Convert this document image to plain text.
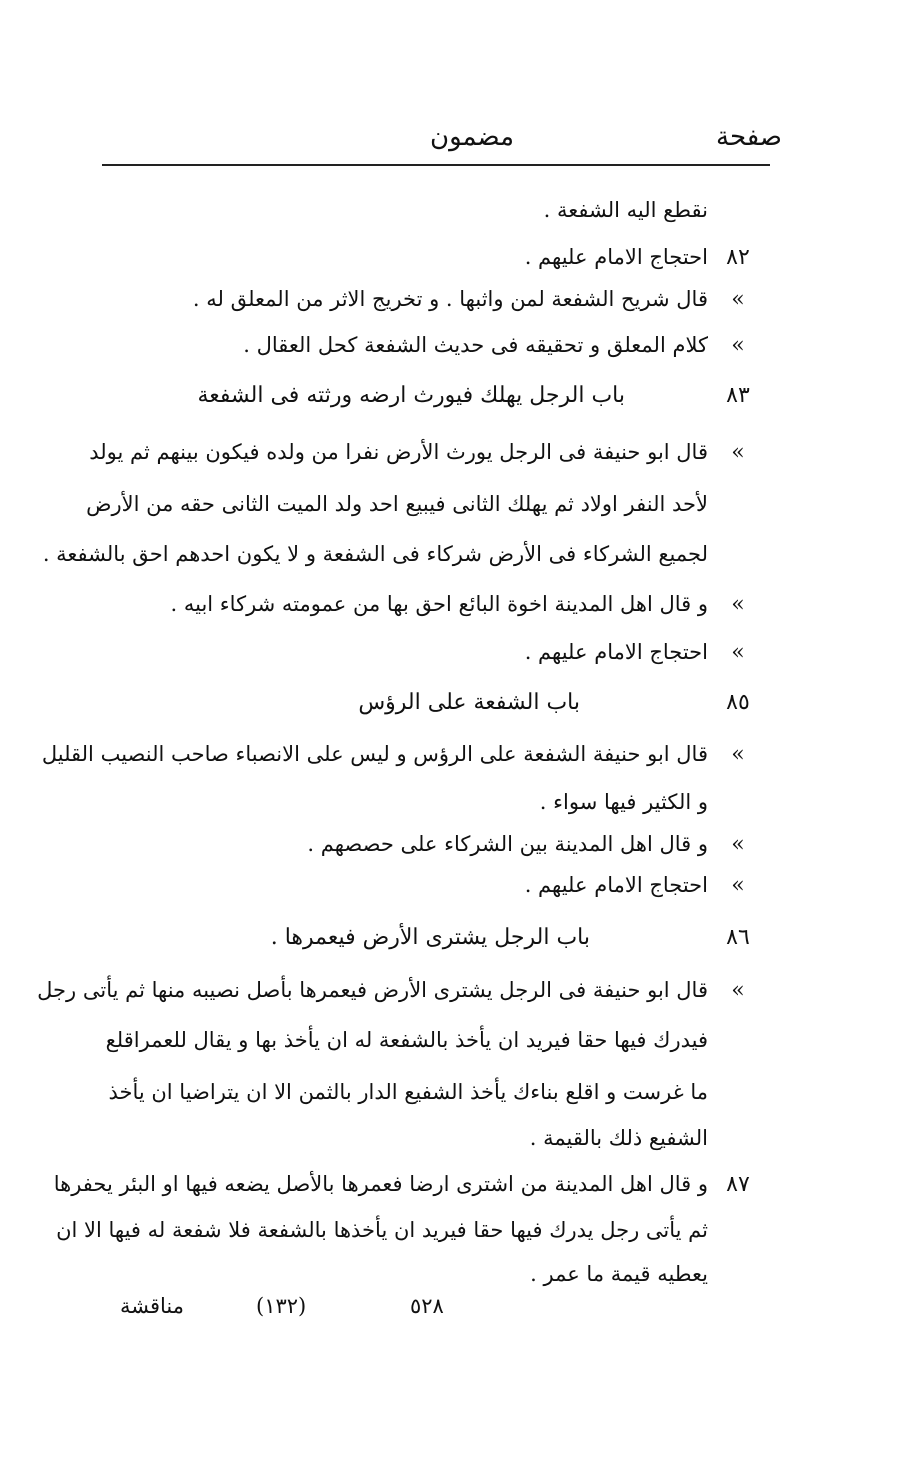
صفحة
مضمون
نقطع اليه الشفعة .
٨٢
احتجاج الامام عليهم .
»
قال شريح الشفعة لمن واثبها . و تخريج الاثر من المعلق له .
»
كلام المعلق و تحقيقه فى حديث الشفعة كحل العقال .
٨٣
باب الرجل يهلك فيورث ارضه ورثته فى الشفعة
»
قال ابو حنيفة فى الرجل يورث الأرض نفرا من ولده فيكون بينهم ثم يولد
لأحد النفر اولاد ثم يهلك الثانى فيبيع احد ولد الميت الثانى حقه من الأرض
لجميع الشركاء فى الأرض شركاء فى الشفعة و لا يكون احدهم احق بالشفعة .
»
و قال اهل المدينة اخوة البائع احق بها من عمومته شركاء ابيه .
»
احتجاج الامام عليهم .
٨٥
باب الشفعة على الرؤس
»
قال ابو حنيفة الشفعة على الرؤس و ليس على الانصباء صاحب النصيب القليل
و الكثير فيها سواء .
»
و قال اهل المدينة بين الشركاء على حصصهم .
»
احتجاج الامام عليهم .
٨٦
باب الرجل يشترى الأرض فيعمرها .
»
قال ابو حنيفة فى الرجل يشترى الأرض فيعمرها بأصل نصيبه منها ثم يأتى رجل
فيدرك فيها حقا فيريد ان يأخذ بالشفعة له ان يأخذ بها و يقال للعمراقلع
ما غرست و اقلع بناءك يأخذ الشفيع الدار بالثمن الا ان يتراضيا ان يأخذ
الشفيع ذلك بالقيمة .
٨٧
و قال اهل المدينة من اشترى ارضا فعمرها بالأصل يضعه فيها او البئر يحفرها
ثم يأتى رجل يدرك فيها حقا فيريد ان يأخذها بالشفعة فلا شفعة له فيها الا ان
يعطيه قيمة ما عمر .
مناقشة	(١٣٢)	٥٢٨
